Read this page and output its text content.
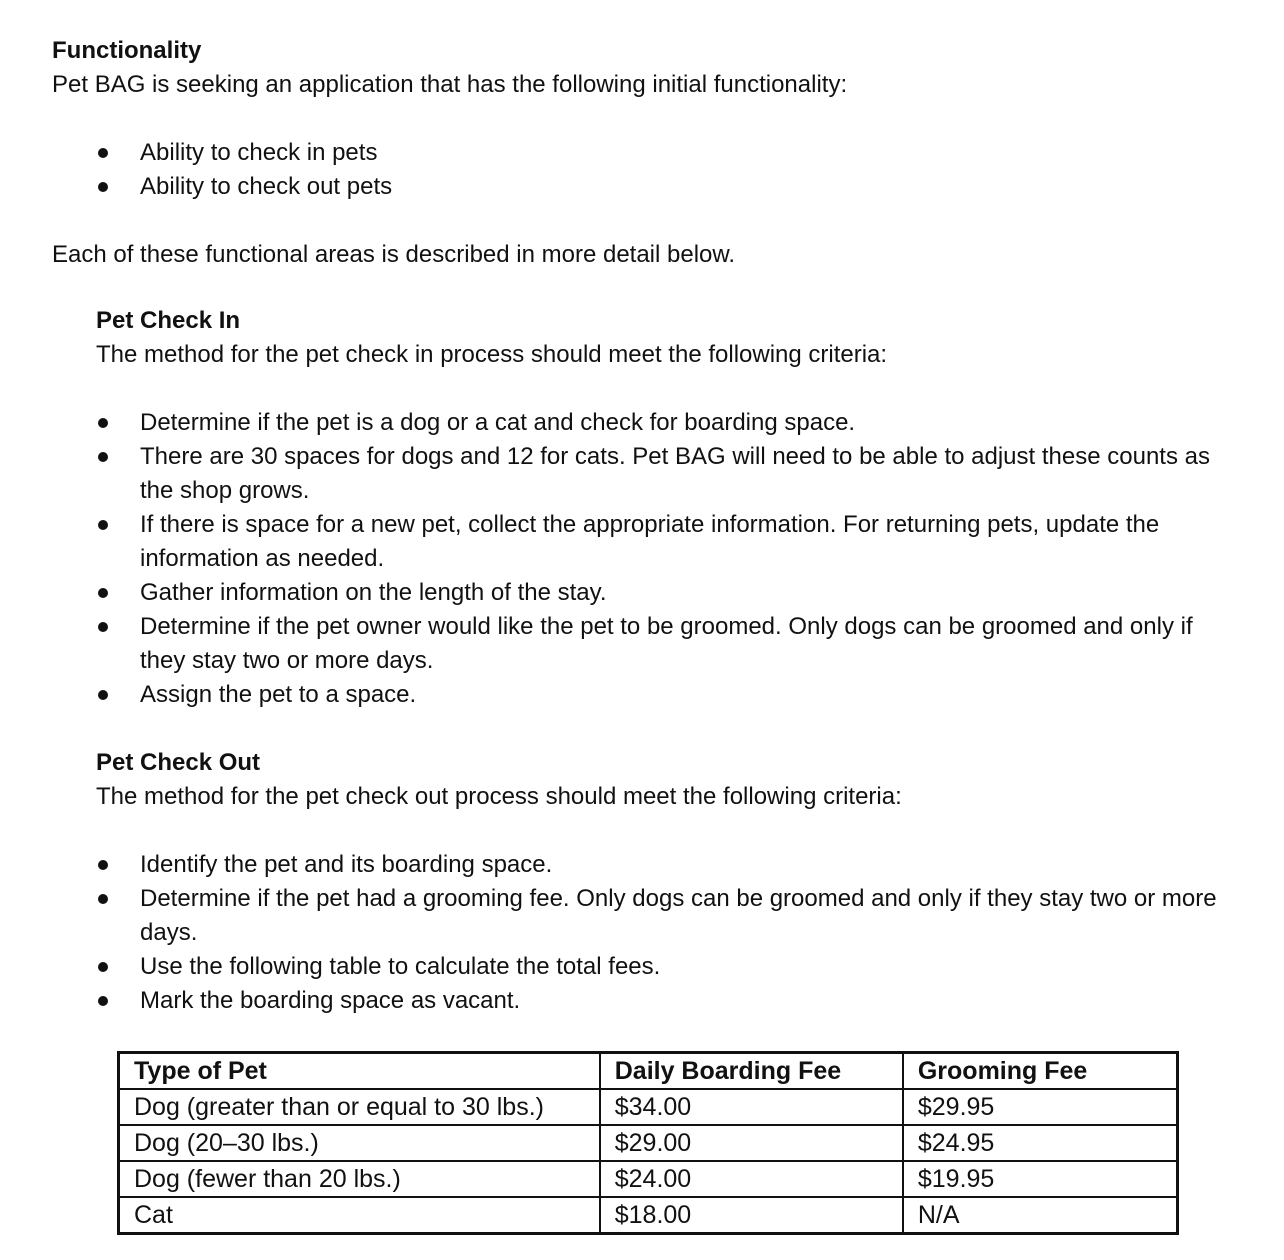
Functionality

Pet BAG is seeking an application that has the following initial functionality:

Ability to check in pets
Ability to check out pets

Each of these functional areas is described in more detail below.

Pet Check In

The method for the pet check in process should meet the following criteria:

Determine if the pet is a dog or a cat and check for boarding space.
There are 30 spaces for dogs and 12 for cats. Pet BAG will need to be able to adjust these counts as the shop grows.
If there is space for a new pet, collect the appropriate information. For returning pets, update the information as needed.
Gather information on the length of the stay.
Determine if the pet owner would like the pet to be groomed. Only dogs can be groomed and only if they stay two or more days.
Assign the pet to a space.

Pet Check Out

The method for the pet check out process should meet the following criteria:

Identify the pet and its boarding space.
Determine if the pet had a grooming fee. Only dogs can be groomed and only if they stay two or more days.
Use the following table to calculate the total fees.
Mark the boarding space as vacant.
Type of Pet	Daily Boarding Fee	Grooming Fee
Dog (greater than or equal to 30 lbs.)	$34.00	$29.95
Dog (20–30 lbs.)	$29.00	$24.95
Dog (fewer than 20 lbs.)	$24.00	$19.95
Cat	$18.00	N/A
